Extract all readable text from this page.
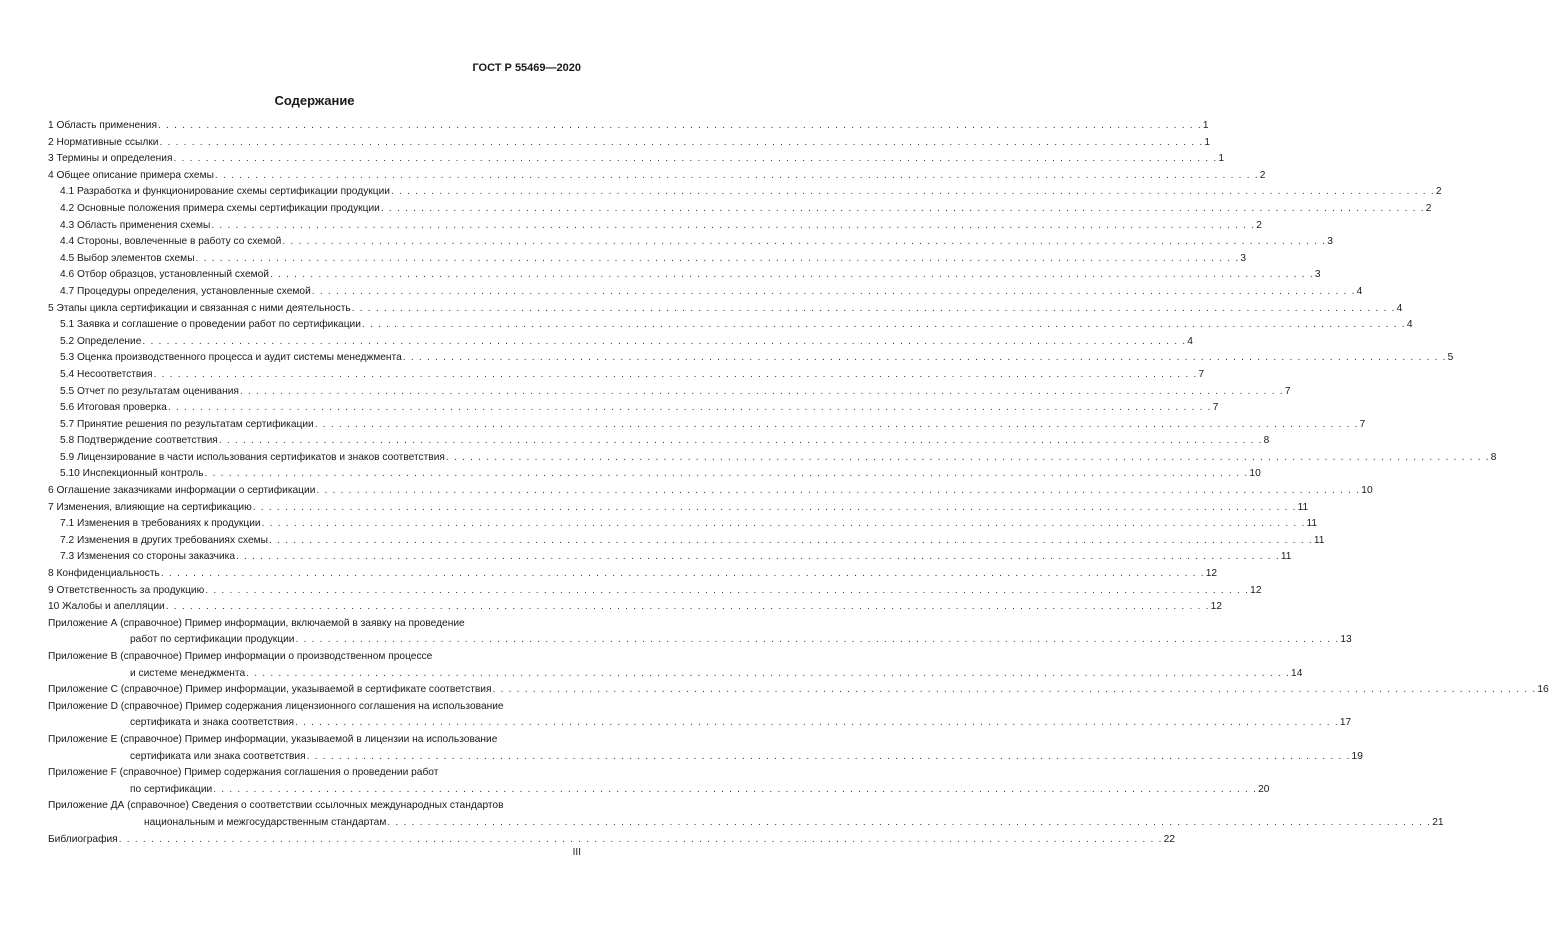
ГОСТ Р 55469—2020
Содержание
1 Область применения . . .	1
2 Нормативные ссылки . . .	1
3 Термины и определения . . .	1
4 Общее описание примера схемы . . .	2
4.1 Разработка и функционирование схемы сертификации продукции . . .	2
4.2 Основные положения примера схемы сертификации продукции . . .	2
4.3 Область применения схемы . . .	2
4.4 Стороны, вовлеченные в работу со схемой . . .	3
4.5 Выбор элементов схемы . . .	3
4.6 Отбор образцов, установленный схемой . . .	3
4.7 Процедуры определения, установленные схемой . . .	4
5 Этапы цикла сертификации и связанная с ними деятельность . . .	4
5.1 Заявка и соглашение о проведении работ по сертификации . . .	4
5.2 Определение . . .	4
5.3 Оценка производственного процесса и аудит системы менеджмента . . .	5
5.4 Несоответствия . . .	7
5.5 Отчет по результатам оценивания . . .	7
5.6 Итоговая проверка . . .	7
5.7 Принятие решения по результатам сертификации . . .	7
5.8 Подтверждение соответствия . . .	8
5.9 Лицензирование в части использования сертификатов и знаков соответствия . . .	8
5.10 Инспекционный контроль . . .	10
6 Оглашение заказчиками информации о сертификации . . .	10
7 Изменения, влияющие на сертификацию . . .	11
7.1 Изменения в требованиях к продукции . . .	11
7.2 Изменения в других требованиях схемы . . .	11
7.3 Изменения со стороны заказчика . . .	11
8 Конфиденциальность . . .	12
9 Ответственность за продукцию . . .	12
10 Жалобы и апелляции . . .	12
Приложение А (справочное) Пример информации, включаемой в заявку на проведение
работ по сертификации продукции . . .	13
Приложение В (справочное) Пример информации о производственном процессе
и системе менеджмента . . .	14
Приложение С (справочное) Пример информации, указываемой в сертификате соответствия . . .	16
Приложение D (справочное) Пример содержания лицензионного соглашения на использование
сертификата и знака соответствия . . .	17
Приложение Е (справочное) Пример информации, указываемой в лицензии на использование
сертификата или знака соответствия . . .	19
Приложение F (справочное) Пример содержания соглашения о проведении работ
по сертификации . . .	20
Приложение ДА (справочное) Сведения о соответствии ссылочных международных стандартов
национальным и межгосударственным стандартам . . .	21
Библиография . . .	22
III
